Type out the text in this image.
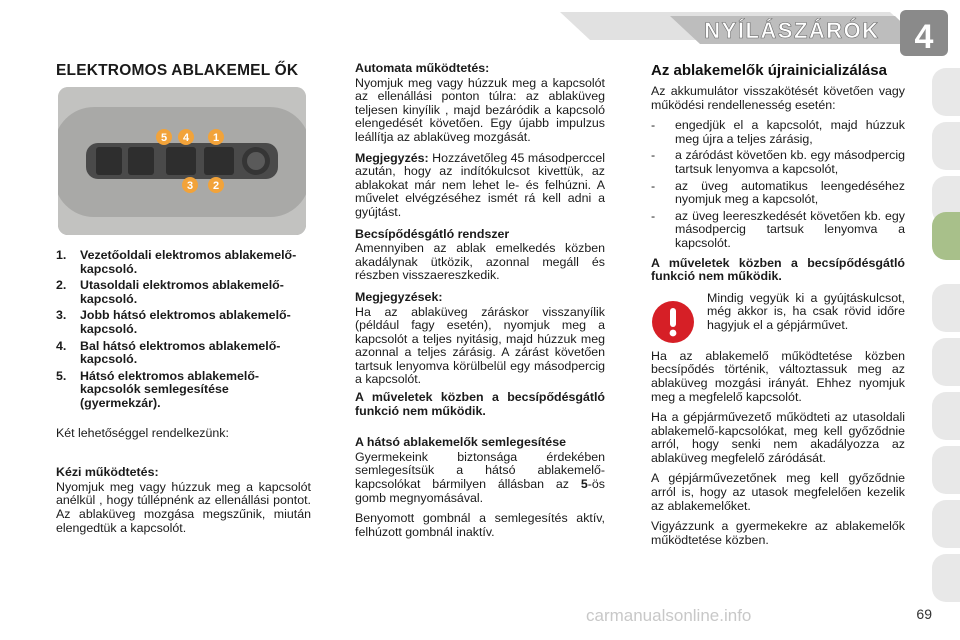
NYÍLÁSZÁRÓK 4
ELEKTROMOS ABLAKEMEL ŐK
5 4 1
3 2
1. Vezetőoldali elektromos ablakemelő-kapcsoló.
2. Utasoldali elektromos ablakemelő-kapcsoló.
3. Jobb hátsó elektromos ablakemelő-kapcsoló.
4. Bal hátsó elektromos ablakemelő-kapcsoló.
5. Hátsó elektromos ablakemelő-kapcsolók semlegesítése (gyermekzár).

Két lehetőséggel rendelkezünk:

Kézi működtetés:

Nyomjuk meg vagy húzzuk meg a kapcsolót anélkül , hogy túllépnénk az ellenállási pontot. Az ablaküveg mozgása megszűnik, miután elengedtük a kapcsolót.

Automata működtetés:

Nyomjuk meg vagy húzzuk meg a kapcsolót az ellenállási ponton túlra: az ablaküveg teljesen kinyílik , majd bezáródik a kapcsoló elengedését követően. Egy újabb impulzus leállítja az ablaküveg mozgását.

Megjegyzés: Hozzávetőleg 45 másodperccel azután, hogy az indítókulcsot kivettük, az ablakokat már nem lehet le- és felhúzni. A művelet elvégzéséhez ismét rá kell adni a gyújtást.

Becsípődésgátló rendszer

Amennyiben az ablak emelkedés közben akadálynak ütközik, azonnal megáll és részben visszaereszkedik.

Megjegyzések:

Ha az ablaküveg záráskor visszanyílik (például fagy esetén), nyomjuk meg a kapcsolót a teljes nyitásig, majd húzzuk meg azonnal a teljes zárásig. A zárást követően tartsuk lenyomva körülbelül egy másodpercig a kapcsolót.

A műveletek közben a becsípődésgátló funkció nem működik.

A hátsó ablakemelők semlegesítése

Gyermekeink biztonsága érdekében semlegesítsük a hátsó ablakemelő-kapcsolókat bármilyen állásban az 5-ös gomb megnyomásával.

Benyomott gombnál a semlegesítés aktív, felhúzott gombnál inaktív.

Az ablakemelők újrainicializálása

Az akkumulátor visszakötését követően vagy működési rendellenesség esetén:

- engedjük el a kapcsolót, majd húzzuk meg újra a teljes zárásig,
- a záródást követően kb. egy másodpercig tartsuk lenyomva a kapcsolót,
- az üveg automatikus leengedéséhez nyomjuk meg a kapcsolót,
- az üveg leereszkedését követően kb. egy másodpercig tartsuk lenyomva a kapcsolót.

A műveletek közben a becsípődésgátló funkció nem működik.

Mindig vegyük ki a gyújtáskulcsot, még akkor is, ha csak rövid időre hagyjuk el a gépjárművet.

Ha az ablakemelő működtetése közben becsípődés történik, változtassuk meg az ablaküveg mozgási irányát. Ehhez nyomjuk meg a megfelelő kapcsolót.

Ha a gépjárművezető működteti az utasoldali ablakemelő-kapcsolókat, meg kell győződnie arról, hogy senki nem akadályozza az ablaküveg megfelelő záródását.

A gépjárművezetőnek meg kell győződnie arról is, hogy az utasok megfelelően kezelik az ablakemelőket.

Vigyázzunk a gyermekekre az ablakemelők működtetése közben.

carmanualsonline.info	69
